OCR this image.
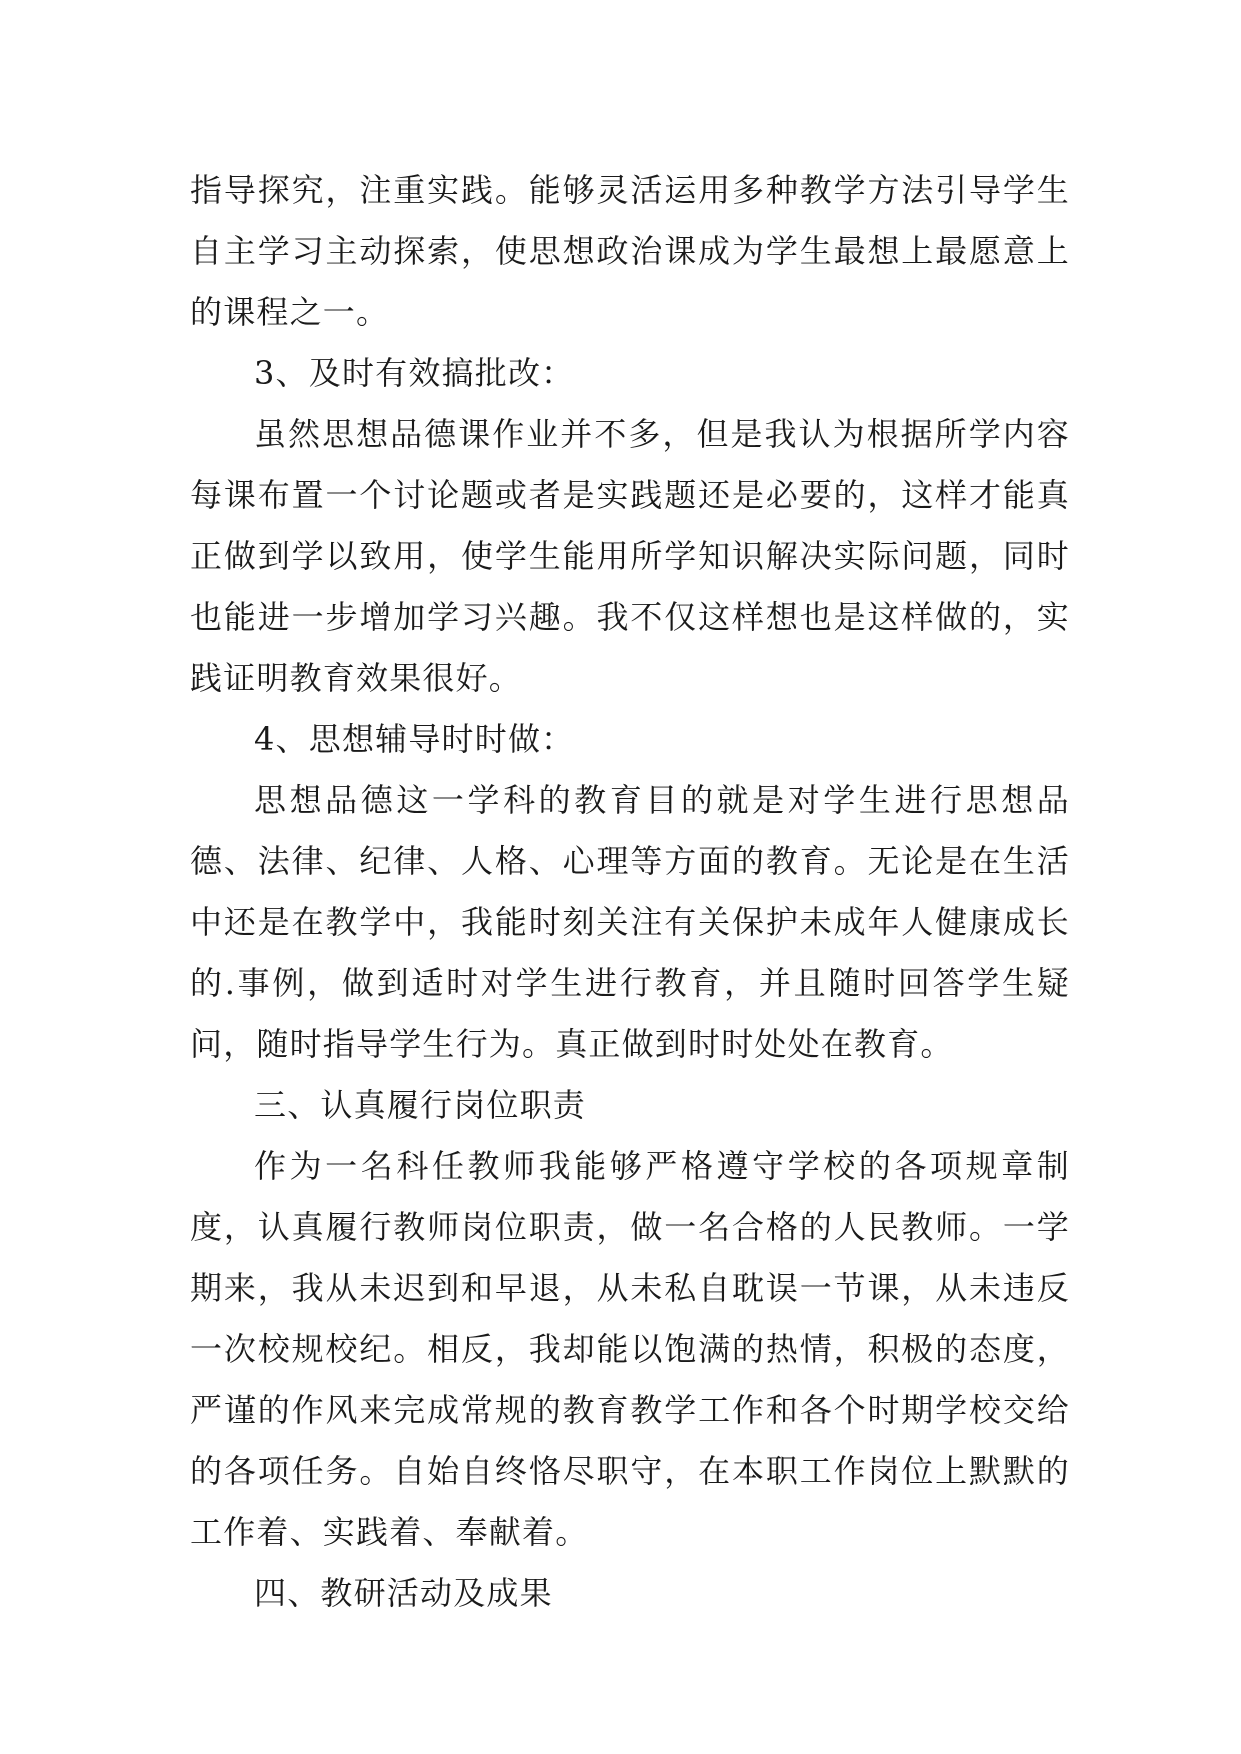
指导探究，注重实践。能够灵活运用多种教学方法引导学生自主学习主动探索，使思想政治课成为学生最想上最愿意上的课程之一。

3、及时有效搞批改：

虽然思想品德课作业并不多，但是我认为根据所学内容每课布置一个讨论题或者是实践题还是必要的，这样才能真正做到学以致用，使学生能用所学知识解决实际问题，同时也能进一步增加学习兴趣。我不仅这样想也是这样做的，实践证明教育效果很好。

4、思想辅导时时做：

思想品德这一学科的教育目的就是对学生进行思想品德、法律、纪律、人格、心理等方面的教育。无论是在生活中还是在教学中，我能时刻关注有关保护未成年人健康成长的.事例，做到适时对学生进行教育，并且随时回答学生疑问，随时指导学生行为。真正做到时时处处在教育。

三、认真履行岗位职责

作为一名科任教师我能够严格遵守学校的各项规章制度，认真履行教师岗位职责，做一名合格的人民教师。一学期来，我从未迟到和早退，从未私自耽误一节课，从未违反一次校规校纪。相反，我却能以饱满的热情，积极的态度，严谨的作风来完成常规的教育教学工作和各个时期学校交给的各项任务。自始自终恪尽职守，在本职工作岗位上默默的工作着、实践着、奉献着。

四、教研活动及成果
